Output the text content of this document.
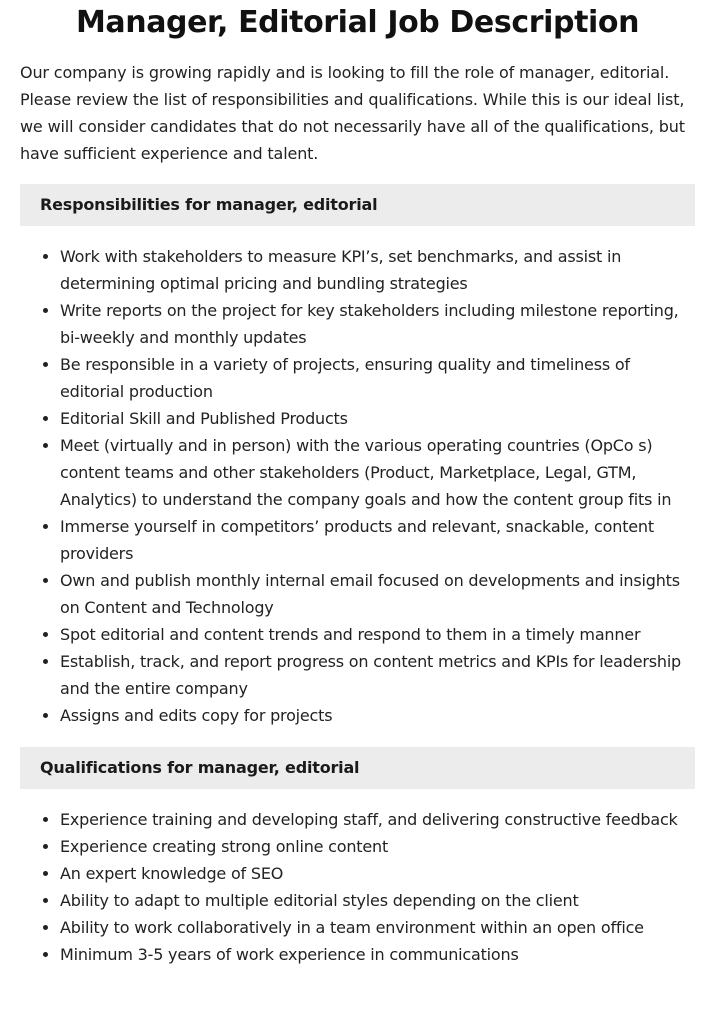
Manager, Editorial Job Description

Our company is growing rapidly and is looking to fill the role of manager, editorial. Please review the list of responsibilities and qualifications. While this is our ideal list, we will consider candidates that do not necessarily have all of the qualifications, but have sufficient experience and talent.

Responsibilities for manager, editorial
• Work with stakeholders to measure KPI’s, set benchmarks, and assist in determining optimal pricing and bundling strategies
• Write reports on the project for key stakeholders including milestone reporting, bi-weekly and monthly updates
• Be responsible in a variety of projects, ensuring quality and timeliness of editorial production
• Editorial Skill and Published Products
• Meet (virtually and in person) with the various operating countries (OpCo s) content teams and other stakeholders (Product, Marketplace, Legal, GTM, Analytics) to understand the company goals and how the content group fits in
• Immerse yourself in competitors’ products and relevant, snackable, content providers
• Own and publish monthly internal email focused on developments and insights on Content and Technology
• Spot editorial and content trends and respond to them in a timely manner
• Establish, track, and report progress on content metrics and KPIs for leadership and the entire company
• Assigns and edits copy for projects
Qualifications for manager, editorial
• Experience training and developing staff, and delivering constructive feedback
• Experience creating strong online content
• An expert knowledge of SEO
• Ability to adapt to multiple editorial styles depending on the client
• Ability to work collaboratively in a team environment within an open office
• Minimum 3-5 years of work experience in communications
